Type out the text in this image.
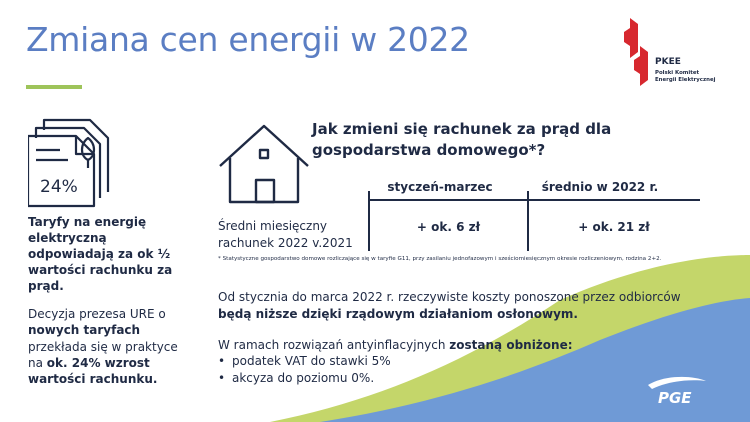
Zmiana cen energii w 2022
PKEE
Polski Komitet
Energii Elektrycznej
24%
Taryfy na energię elektryczną odpowiadają za ok ½ wartości rachunku za prąd.
Decyzja prezesa URE o nowych taryfach przekłada się w praktyce na ok. 24% wzrost wartości rachunku.
Jak zmieni się rachunek za prąd dla gospodarstwa domowego*?
styczeń-marzec	średnio w 2022 r.
Średni miesięczny rachunek 2022 v.2021
+ ok. 6 zł	+ ok. 21 zł
* Statystyczne gospodarstwo domowe rozliczające się w taryfie G11, przy zasilaniu jednofazowym i sześciomiesięcznym okresie rozliczeniowym, rodzina 2+2.
Od stycznia do marca 2022 r. rzeczywiste koszty ponoszone przez odbiorców będą niższe dzięki rządowym działaniom osłonowym.
W ramach rozwiązań antyinflacyjnych zostaną obniżone:
• podatek VAT do stawki 5%
• akcyza do poziomu 0%.
PGE
